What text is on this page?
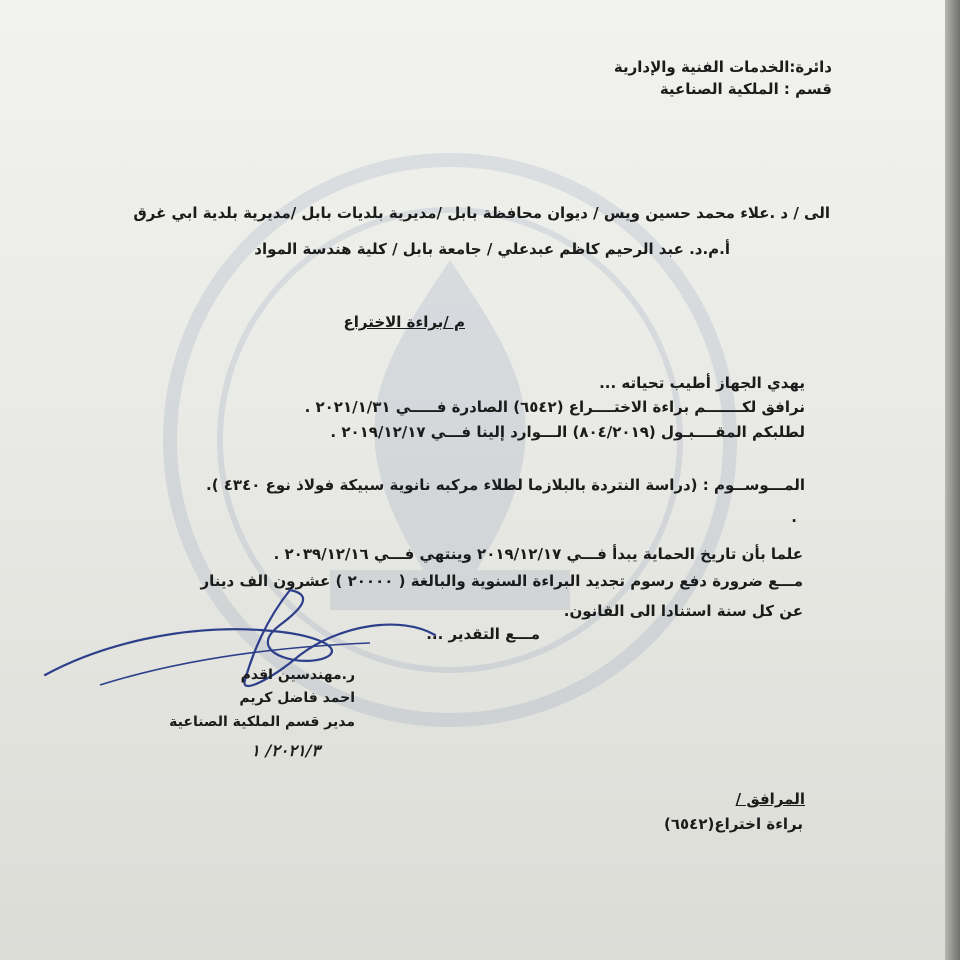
دائرة:الخدمات الفنية والإدارية
قسم : الملكية الصناعية
الى / د .علاء محمد حسين ويس / ديوان محافظة بابل /مديرية بلديات بابل /مديرية بلدية ابي غرق
أ.م.د. عبد الرحيم كاظم عبدعلي / جامعة بابل / كلية هندسة المواد
م /براءة الاختراع
يهدي الجهاز أطيب تحياته ...
نرافق لكـــــــم براءة الاختــــراع (٦٥٤٢) الصادرة فـــــي ٢٠٢١/١/٣١ .
لطلبكم المقــــبـول (٨٠٤/٢٠١٩) الـــوارد إلينا فـــي ٢٠١٩/١٢/١٧ .
المـــوســوم : (دراسة النتردة بالبلازما لطلاء مركبه نانوية سبيكة فولاذ نوع ٤٣٤٠ ).
.
علما بأن تاريخ الحماية يبدأ فـــي ٢٠١٩/١٢/١٧ وينتهي فـــي ٢٠٣٩/١٢/١٦ .
مـــع ضرورة دفع رسوم تجديد البراءة السنوية والبالغة ( ٢٠٠٠٠ ) عشرون الف دينار
عن كل سنة استنادا الى القانون.
مـــع التقدير ...
ر.مهندسين اقدم
احمد فاضل كريم
مدير قسم الملكية الصناعية
٢٠٢١/٣/ ١
المرافق /
براءة اختراع(٦٥٤٢)
